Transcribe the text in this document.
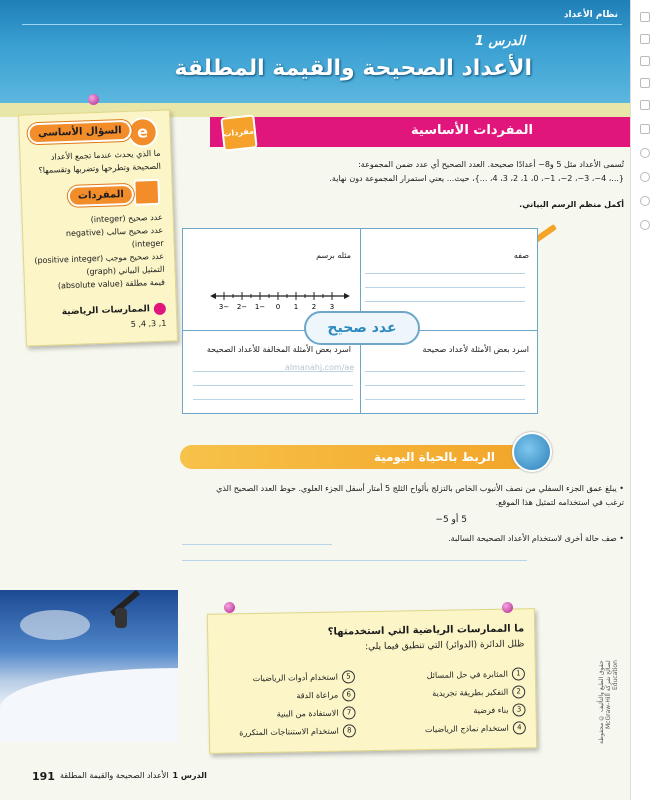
نظام الأعداد
الدرس 1
الأعداد الصحيحة والقيمة المطلقة
e
السؤال الأساسي
ما الذي يحدث عندما تجمع الأعداد الصحيحة وتطرحها وتضربها وتقسمها؟
المفردات
عدد صحيح (integer)
عدد صحيح سالب (negative integer)
عدد صحيح موجب (positive integer)
التمثيل البياني (graph)
قيمة مطلقة (absolute value)
الممارسات الرياضية
1, 3, 4, 5
المفردات الأساسية
مفردات
تُسمى الأعداد مثل 5 و8− أعدادًا صحيحة. العدد الصحيح أي عدد ضمن المجموعة:
{...، 4−، 3−، 2−، 1−، 0، 1، 2، 3، 4، ...}، حيث... يعني استمرار المجموعة دون نهاية.
أكمل منظم الرسم البياني.
صفه
مثله برسم
اسرد بعض الأمثلة لأعداد صحيحة
اسرد بعض الأمثلة المخالفة للأعداد الصحيحة
−3 −2 −1 0 1 2 3
عدد صحيح
almanahj.com/ae
الربط بالحياة اليومية
• يبلغ عمق الجزء السفلي من نصف الأنبوب الخاص بالتزلج بألواح الثلج 5 أمتار أسفل الجزء العلوي. حوط العدد الصحيح الذي ترغب في استخدامه لتمثيل هذا الموقع.
5 أو 5−
• صف حالة أخرى لاستخدام الأعداد الصحيحة السالبة.
ما الممارسات الرياضية التي استخدمتها؟
ظلل الدائرة (الدوائر) التي تنطبق فيما يلي:
1
المثابرة في حل المسائل
2
التفكير بطريقة تجريدية
3
بناء فرضية
4
استخدام نماذج الرياضيات
5
استخدام أدوات الرياضيات
6
مراعاة الدقة
7
الاستفادة من البنية
8
استخدام الاستنتاجات المتكررة	حقوق الطبع والتأليف © محفوظة لصالح شركة McGraw-Hill Education
191	الدرس 1
الأعداد الصحيحة والقيمة المطلقة
